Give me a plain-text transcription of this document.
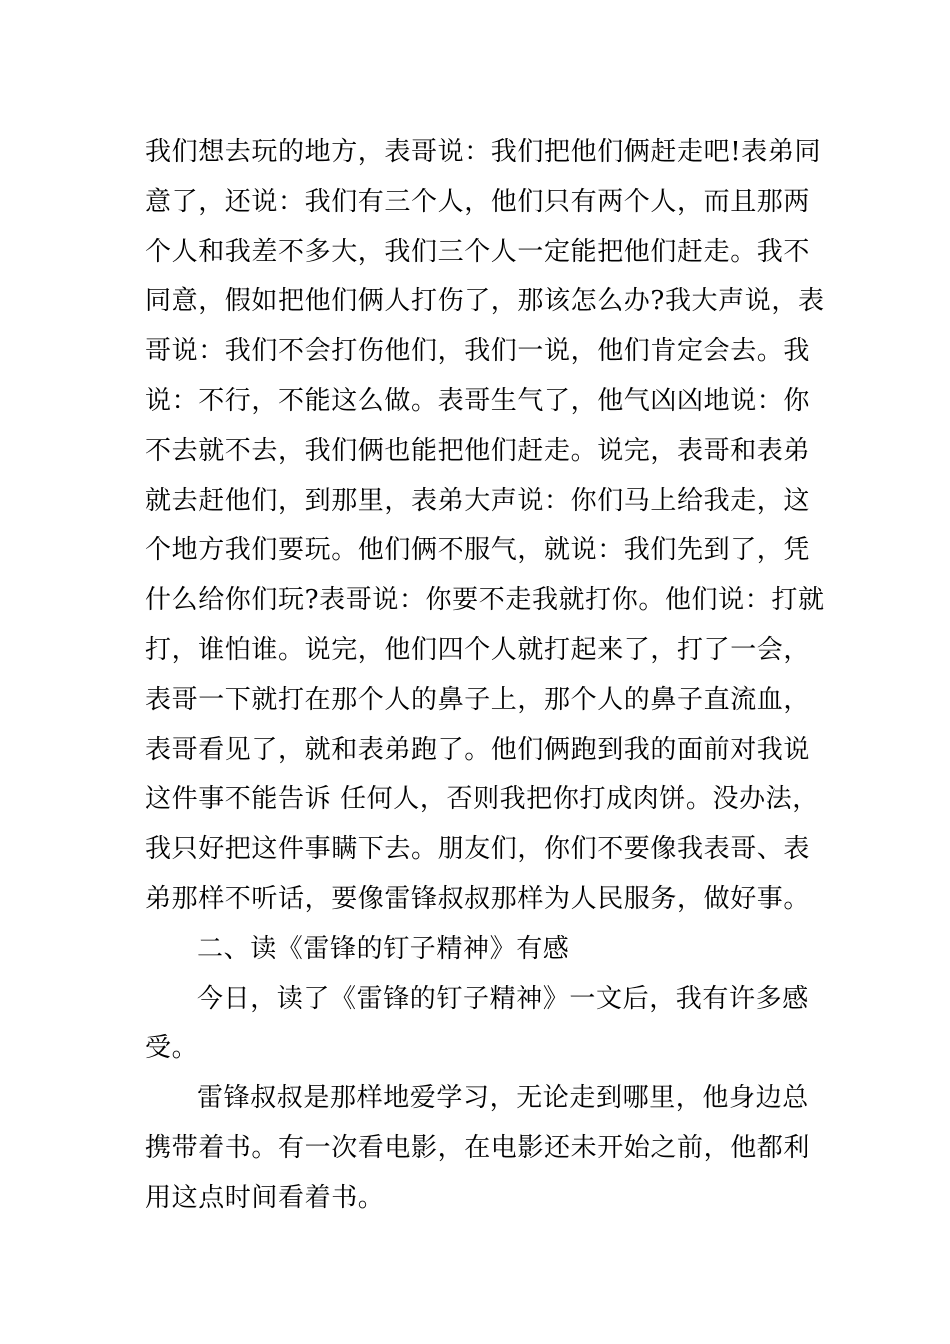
我们想去玩的地方，表哥说：我们把他们俩赶走吧!表弟同
意了，还说：我们有三个人，他们只有两个人，而且那两
个人和我差不多大，我们三个人一定能把他们赶走。我不
同意，假如把他们俩人打伤了，那该怎么办?我大声说，表
哥说：我们不会打伤他们，我们一说，他们肯定会去。我
说：不行，不能这么做。表哥生气了，他气凶凶地说：你
不去就不去，我们俩也能把他们赶走。说完，表哥和表弟
就去赶他们，到那里，表弟大声说：你们马上给我走，这
个地方我们要玩。他们俩不服气，就说：我们先到了，凭
什么给你们玩?表哥说：你要不走我就打你。他们说：打就
打，谁怕谁。说完，他们四个人就打起来了，打了一会，
表哥一下就打在那个人的鼻子上，那个人的鼻子直流血，
表哥看见了，就和表弟跑了。他们俩跑到我的面前对我说
这件事不能告诉 任何人，否则我把你打成肉饼。没办法，
我只好把这件事瞒下去。朋友们，你们不要像我表哥、表
弟那样不听话，要像雷锋叔叔那样为人民服务，做好事。
二、读《雷锋的钉子精神》有感
今日，读了《雷锋的钉子精神》一文后，我有许多感
受。
雷锋叔叔是那样地爱学习，无论走到哪里，他身边总
携带着书。有一次看电影，在电影还未开始之前，他都利
用这点时间看着书。
